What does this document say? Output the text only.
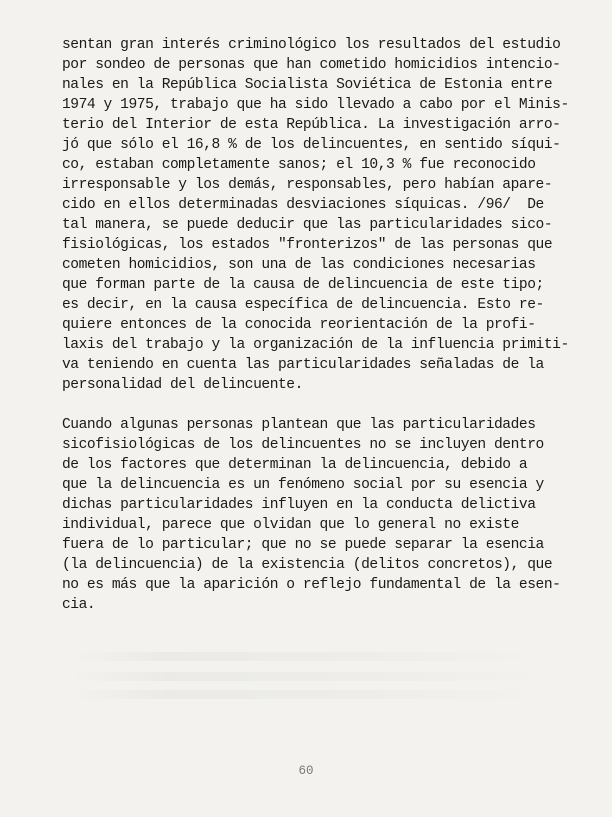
sentan gran interés criminológico los resultados del estudio
por sondeo de personas que han cometido homicidios intencio-
nales en la República Socialista Soviética de Estonia entre
1974 y 1975, trabajo que ha sido llevado a cabo por el Minis-
terio del Interior de esta República. La investigación arro-
jó que sólo el 16,8 % de los delincuentes, en sentido síqui-
co, estaban completamente sanos; el 10,3 % fue reconocido
irresponsable y los demás, responsables, pero habían apare-
cido en ellos determinadas desviaciones síquicas. /96/  De
tal manera, se puede deducir que las particularidades sico-
fisiológicas, los estados "fronterizos" de las personas que
cometen homicidios, son una de las condiciones necesarias
que forman parte de la causa de delincuencia de este tipo;
es decir, en la causa específica de delincuencia. Esto re-
quiere entonces de la conocida reorientación de la profi-
laxis del trabajo y la organización de la influencia primiti-
va teniendo en cuenta las particularidades señaladas de la
personalidad del delincuente.
Cuando algunas personas plantean que las particularidades
sicofisiológicas de los delincuentes no se incluyen dentro
de los factores que determinan la delincuencia, debido a
que la delincuencia es un fenómeno social por su esencia y
dichas particularidades influyen en la conducta delictiva
individual, parece que olvidan que lo general no existe
fuera de lo particular; que no se puede separar la esencia
(la delincuencia) de la existencia (delitos concretos), que
no es más que la aparición o reflejo fundamental de la esen-
cia.
60
